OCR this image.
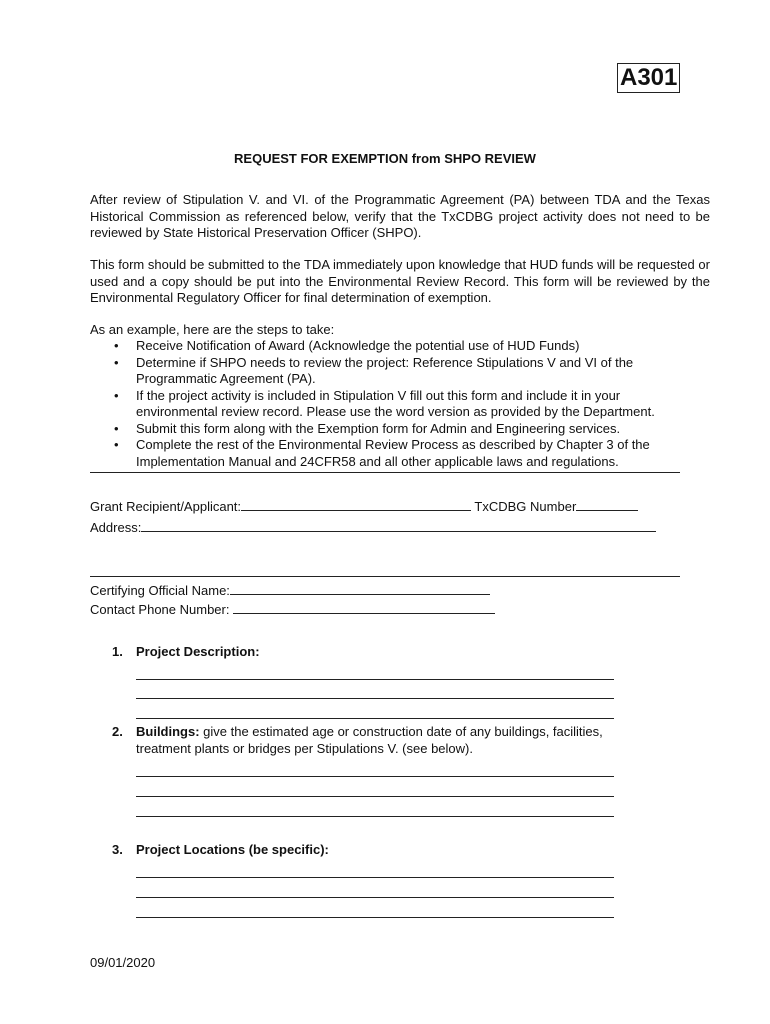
A301
REQUEST FOR EXEMPTION from SHPO REVIEW
After review of Stipulation V. and VI. of the Programmatic Agreement (PA) between TDA and the Texas Historical Commission as referenced below, verify that the TxCDBG project activity does not need to be reviewed by State Historical Preservation Officer (SHPO).
This form should be submitted to the TDA immediately upon knowledge that HUD funds will be requested or used and a copy should be put into the Environmental Review Record. This form will be reviewed by the Environmental Regulatory Officer for final determination of exemption.
As an example, here are the steps to take:
• Receive Notification of Award (Acknowledge the potential use of HUD Funds)
• Determine if SHPO needs to review the project: Reference Stipulations V and VI of the Programmatic Agreement (PA).
• If the project activity is included in Stipulation V fill out this form and include it in your environmental review record. Please use the word version as provided by the Department.
• Submit this form along with the Exemption form for Admin and Engineering services.
• Complete the rest of the Environmental Review Process as described by Chapter 3 of the Implementation Manual and 24CFR58 and all other applicable laws and regulations.
Grant Recipient/Applicant:	TxCDBG Number
Address:
Certifying Official Name:
Contact Phone Number:
1. Project Description:
2. Buildings: give the estimated age or construction date of any buildings, facilities, treatment plants or bridges per Stipulations V. (see below).
3. Project Locations (be specific):
09/01/2020
